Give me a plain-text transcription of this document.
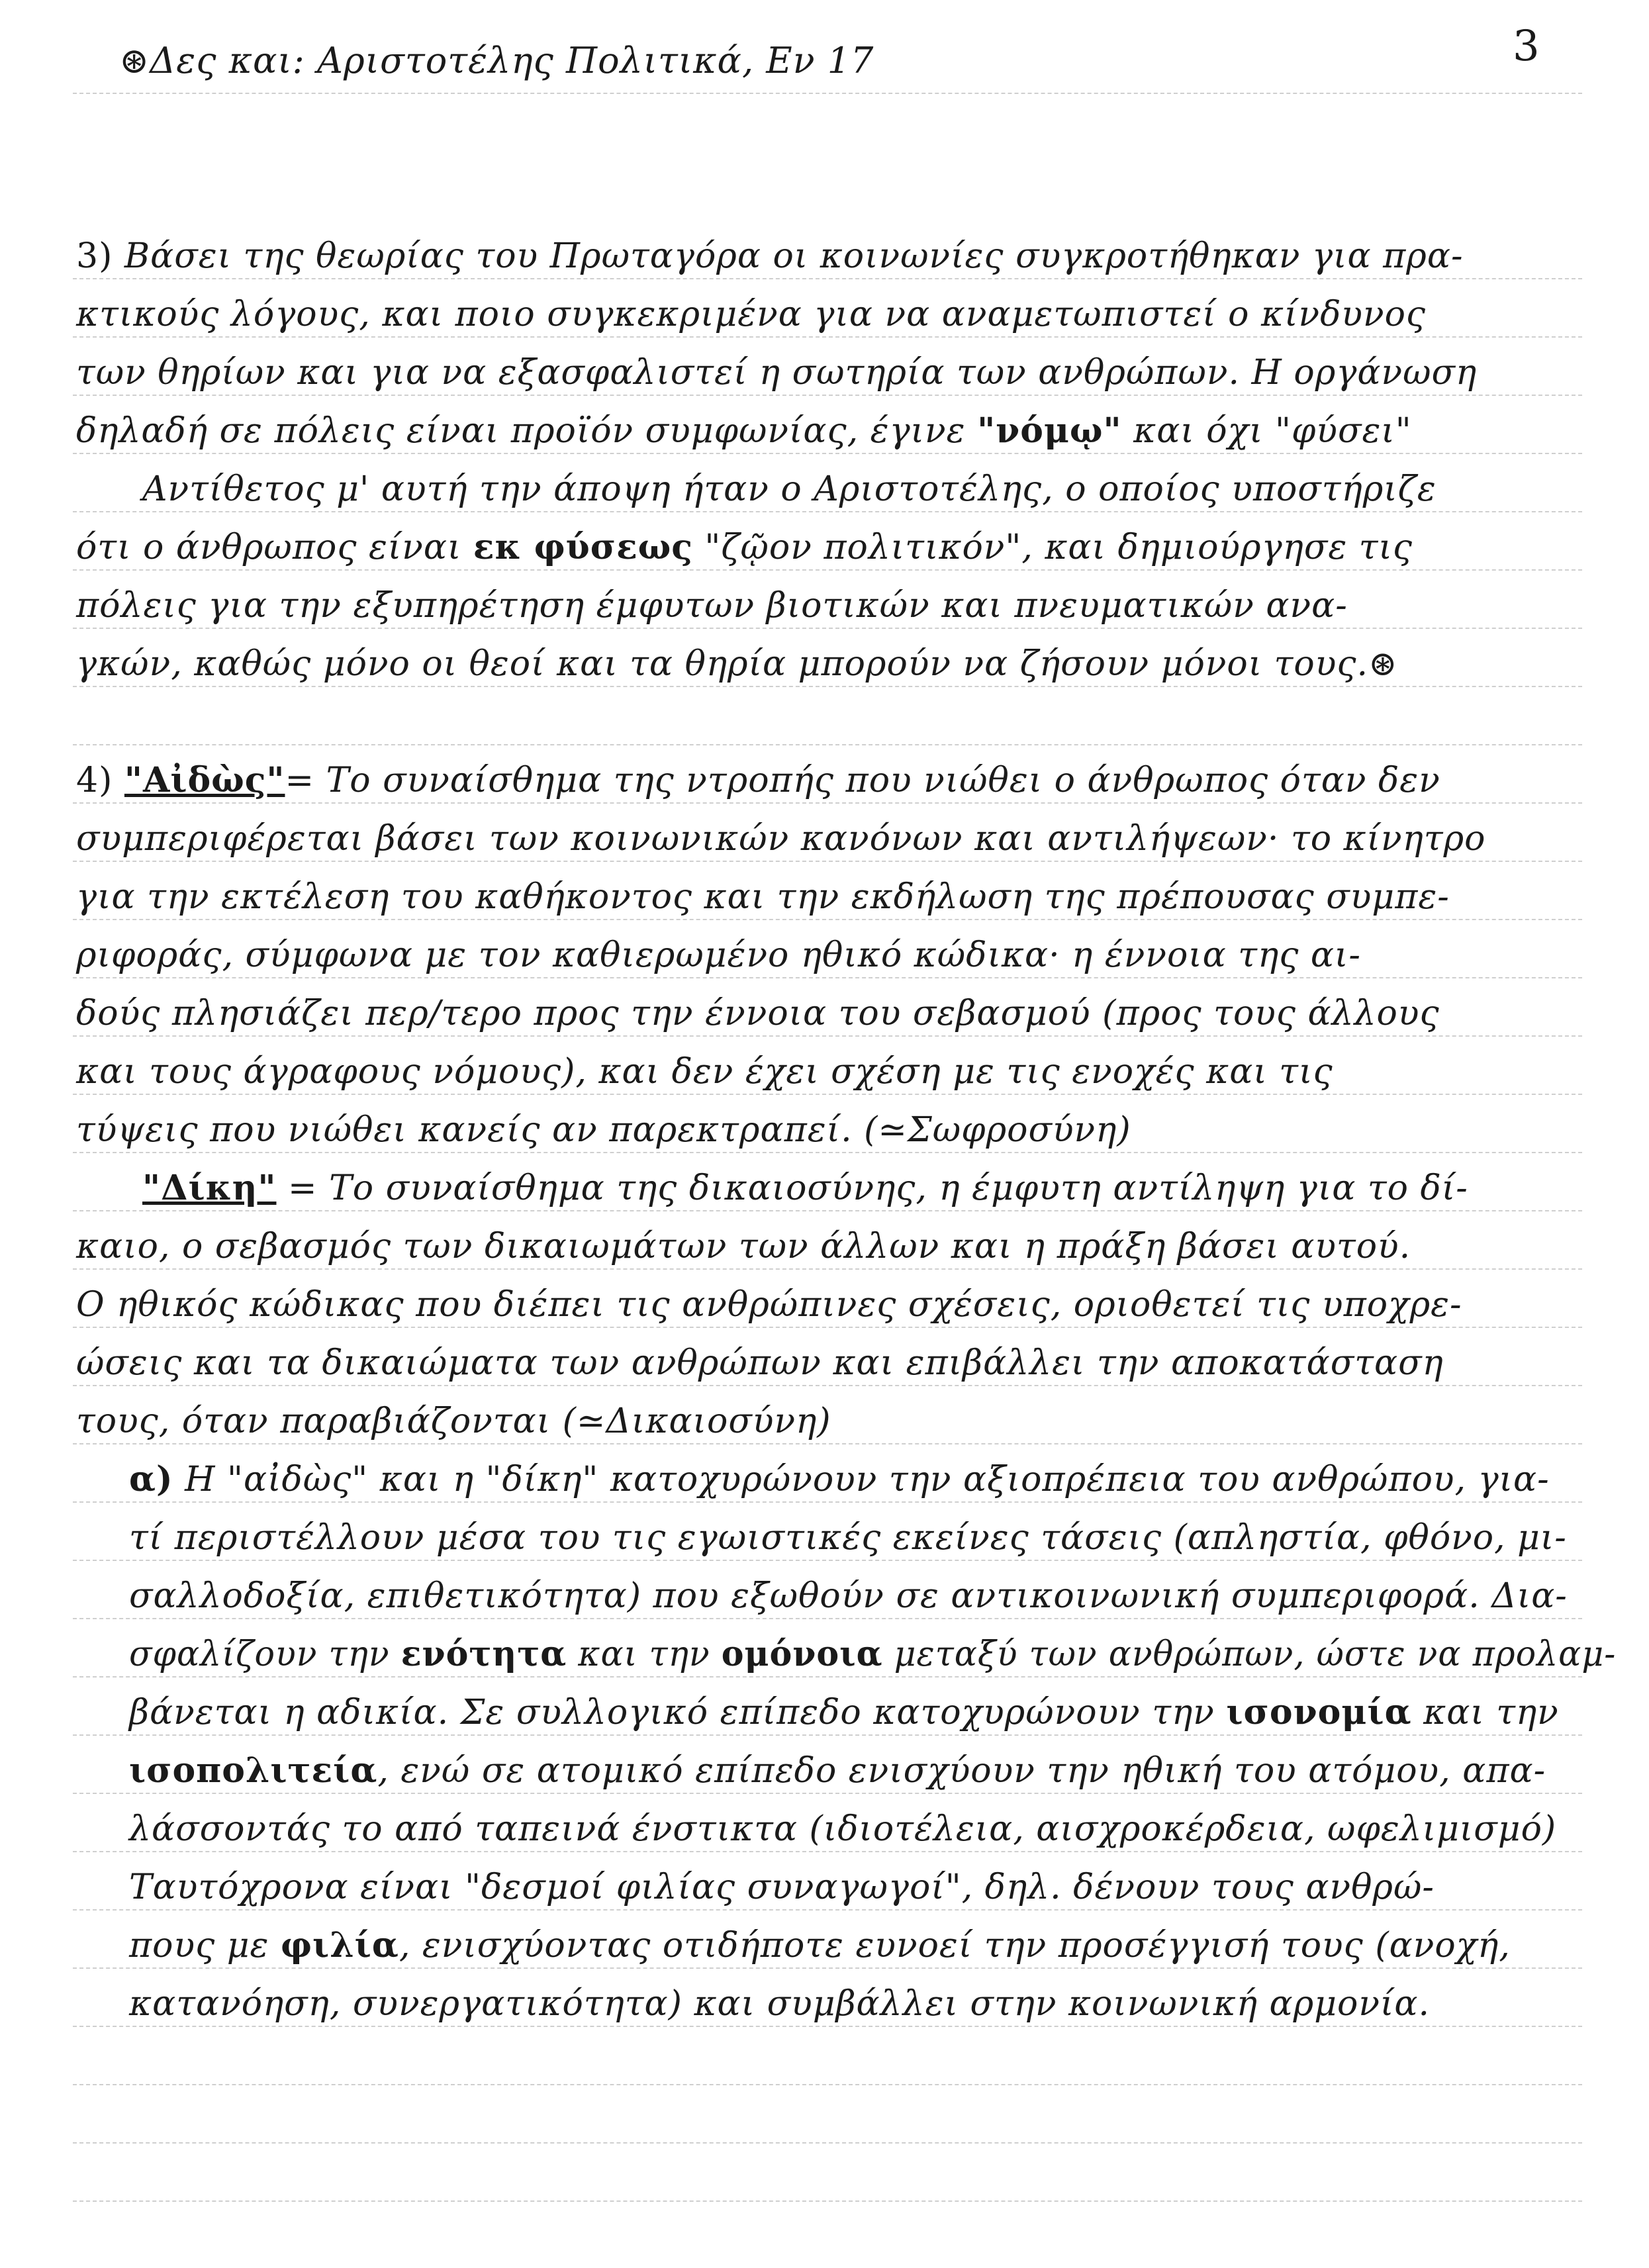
⊛Δες και: Αριστοτέλης Πολιτικά, Εν 17	3
3) Βάσει της θεωρίας του Πρωταγόρα οι κοινωνίες συγκροτήθηκαν για πρα-
κτικούς λόγους, και ποιο συγκεκριμένα για να αναμετωπιστεί ο κίνδυνος
των θηρίων και για να εξασφαλιστεί η σωτηρία των ανθρώπων. Η οργάνωση
δηλαδή σε πόλεις είναι προϊόν συμφωνίας, έγινε "νόμῳ" και όχι "φύσει"
Αντίθετος μ' αυτή την άποψη ήταν ο Αριστοτέλης, ο οποίος υποστήριζε
ότι ο άνθρωπος είναι εκ φύσεως "ζῷον πολιτικόν", και δημιούργησε τις
πόλεις για την εξυπηρέτηση έμφυτων βιοτικών και πνευματικών ανα-
γκών, καθώς μόνο οι θεοί και τα θηρία μπορούν να ζήσουν μόνοι τους.⊛
4) "Αἰδὼς"= Το συναίσθημα της ντροπής που νιώθει ο άνθρωπος όταν δεν
συμπεριφέρεται βάσει των κοινωνικών κανόνων και αντιλήψεων· το κίνητρο
για την εκτέλεση του καθήκοντος και την εκδήλωση της πρέπουσας συμπε-
ριφοράς, σύμφωνα με τον καθιερωμένο ηθικό κώδικα· η έννοια της αι-
δούς πλησιάζει περ/τερο προς την έννοια του σεβασμού (προς τους άλλους
και τους άγραφους νόμους), και δεν έχει σχέση με τις ενοχές και τις
τύψεις που νιώθει κανείς αν παρεκτραπεί. (≃Σωφροσύνη)
"Δίκη" = Το συναίσθημα της δικαιοσύνης, η έμφυτη αντίληψη για το δί-
καιο, ο σεβασμός των δικαιωμάτων των άλλων και η πράξη βάσει αυτού.
Ο ηθικός κώδικας που διέπει τις ανθρώπινες σχέσεις, οριοθετεί τις υποχρε-
ώσεις και τα δικαιώματα των ανθρώπων και επιβάλλει την αποκατάσταση
τους, όταν παραβιάζονται (≃Δικαιοσύνη)
α) Η "αἰδὼς" και η "δίκη" κατοχυρώνουν την αξιοπρέπεια του ανθρώπου, για-
τί περιστέλλουν μέσα του τις εγωιστικές εκείνες τάσεις (απληστία, φθόνο, μι-
σαλλοδοξία, επιθετικότητα) που εξωθούν σε αντικοινωνική συμπεριφορά. Δια-
σφαλίζουν την ενότητα και την ομόνοια μεταξύ των ανθρώπων, ώστε να προλαμ-
βάνεται η αδικία. Σε συλλογικό επίπεδο κατοχυρώνουν την ισονομία και την
ισοπολιτεία, ενώ σε ατομικό επίπεδο ενισχύουν την ηθική του ατόμου, απα-
λάσσοντάς το από ταπεινά ένστικτα (ιδιοτέλεια, αισχροκέρδεια, ωφελιμισμό)
Ταυτόχρονα είναι "δεσμοί φιλίας συναγωγοί", δηλ. δένουν τους ανθρώ-
πους με φιλία, ενισχύοντας οτιδήποτε ευνοεί την προσέγγισή τους (ανοχή,
κατανόηση, συνεργατικότητα) και συμβάλλει στην κοινωνική αρμονία.
